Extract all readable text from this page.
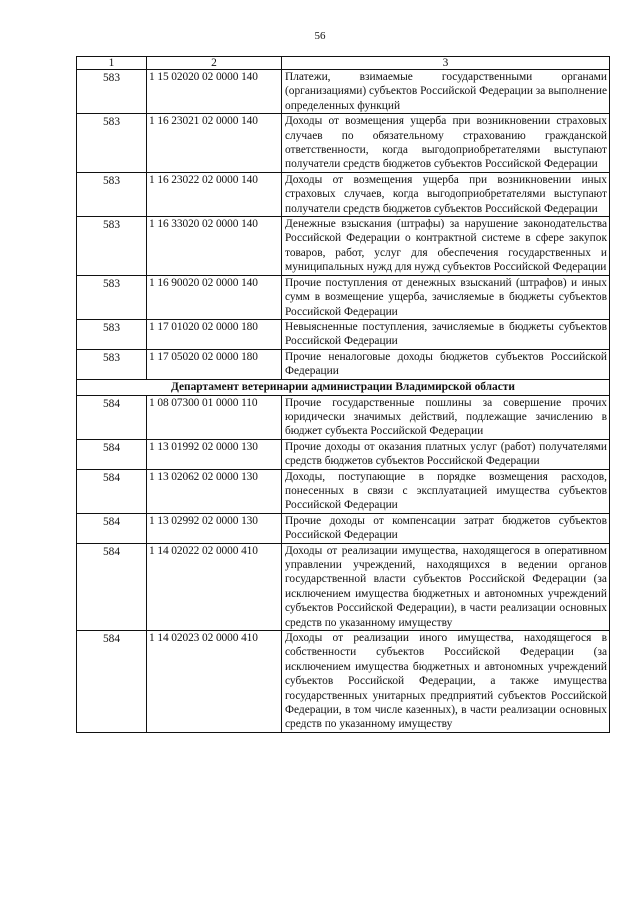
56
1	2	3
583	1 15 02020 02 0000 140	Платежи, взимаемые государственными органами (организациями) субъектов Российской Федерации за выполнение определенных функций
583	1 16 23021 02 0000 140	Доходы от возмещения ущерба при возникновении страховых случаев по обязательному страхованию гражданской ответственности, когда выгодоприобретателями выступают получатели средств бюджетов субъектов Российской Федерации
583	1 16 23022 02 0000 140	Доходы от возмещения ущерба при возникновении иных страховых случаев, когда выгодоприобретателями выступают получатели средств бюджетов субъектов Российской Федерации
583	1 16 33020 02 0000 140	Денежные взыскания (штрафы) за нарушение законодательства Российской Федерации о контрактной системе в сфере закупок товаров, работ, услуг для обеспечения государственных и муниципальных нужд для нужд субъектов Российской Федерации
583	1 16 90020 02 0000 140	Прочие поступления от денежных взысканий (штрафов) и иных сумм в возмещение ущерба, зачисляемые в бюджеты субъектов Российской Федерации
583	1 17 01020 02 0000 180	Невыясненные поступления, зачисляемые в бюджеты субъектов Российской Федерации
583	1 17 05020 02 0000 180	Прочие неналоговые доходы бюджетов субъектов Российской Федерации
Департамент ветеринарии администрации Владимирской области		
584	1 08 07300 01 0000 110	Прочие государственные пошлины за совершение прочих юридически значимых действий, подлежащие зачислению в бюджет субъекта Российской Федерации
584	1 13 01992 02 0000 130	Прочие доходы от оказания платных услуг (работ) получателями средств бюджетов субъектов Российской Федерации
584	1 13 02062 02 0000 130	Доходы, поступающие в порядке возмещения расходов, понесенных в связи с эксплуатацией имущества субъектов Российской Федерации
584	1 13 02992 02 0000 130	Прочие доходы от компенсации затрат бюджетов субъектов Российской Федерации
584	1 14 02022 02 0000 410	Доходы от реализации имущества, находящегося в оперативном управлении учреждений, находящихся в ведении органов государственной власти субъектов Российской Федерации (за исключением имущества бюджетных и автономных учреждений субъектов Российской Федерации), в части реализации основных средств по указанному имуществу
584	1 14 02023 02 0000 410	Доходы от реализации иного имущества, находящегося в собственности субъектов Российской Федерации (за исключением имущества бюджетных и автономных учреждений субъектов Российской Федерации, а также имущества государственных унитарных предприятий субъектов Российской Федерации, в том числе казенных), в части реализации основных средств по указанному имуществу
